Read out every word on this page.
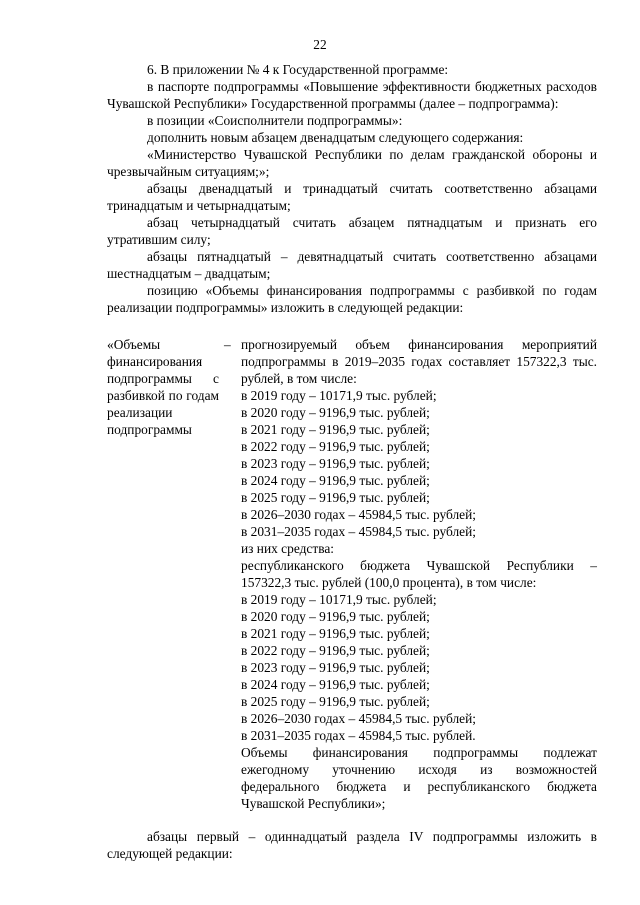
22

6. В приложении № 4 к Государственной программе:

в паспорте подпрограммы «Повышение эффективности бюджетных расходов Чувашской Республики» Государственной программы (далее – подпрограмма):

в позиции «Соисполнители подпрограммы»:

дополнить новым абзацем двенадцатым следующего содержания:

«Министерство Чувашской Республики по делам гражданской обороны и чрезвычайным ситуациям;»;

абзацы двенадцатый и тринадцатый считать соответственно абзацами тринадцатым и четырнадцатым;

абзац четырнадцатый считать абзацем пятнадцатым и признать его утратившим силу;

абзацы пятнадцатый – девятнадцатый считать соответственно абзацами шестнадцатым – двадцатым;

позицию «Объемы финансирования подпрограммы с разбивкой по годам реализации подпрограммы» изложить в следующей редакции:

«Объемы финансирования подпрограммы с разбивкой по годам реализации подпрограммы
– прогнозируемый объем финансирования мероприятий подпрограммы в 2019–2035 годах составляет 157322,3 тыс. рублей, в том числе:

в 2019 году – 10171,9 тыс. рублей;

в 2020 году – 9196,9 тыс. рублей;

в 2021 году – 9196,9 тыс. рублей;

в 2022 году – 9196,9 тыс. рублей;

в 2023 году – 9196,9 тыс. рублей;

в 2024 году – 9196,9 тыс. рублей;

в 2025 году – 9196,9 тыс. рублей;

в 2026–2030 годах – 45984,5 тыс. рублей;

в 2031–2035 годах – 45984,5 тыс. рублей;

из них средства:

республиканского бюджета Чувашской Республики – 157322,3 тыс. рублей (100,0 процента), в том числе:

в 2019 году – 10171,9 тыс. рублей;

в 2020 году – 9196,9 тыс. рублей;

в 2021 году – 9196,9 тыс. рублей;

в 2022 году – 9196,9 тыс. рублей;

в 2023 году – 9196,9 тыс. рублей;

в 2024 году – 9196,9 тыс. рублей;

в 2025 году – 9196,9 тыс. рублей;

в 2026–2030 годах – 45984,5 тыс. рублей;

в 2031–2035 годах – 45984,5 тыс. рублей.

Объемы финансирования подпрограммы подлежат ежегодному уточнению исходя из возможностей федерального бюджета и республиканского бюджета Чувашской Республики»;

абзацы первый – одиннадцатый раздела IV подпрограммы изложить в следующей редакции:
